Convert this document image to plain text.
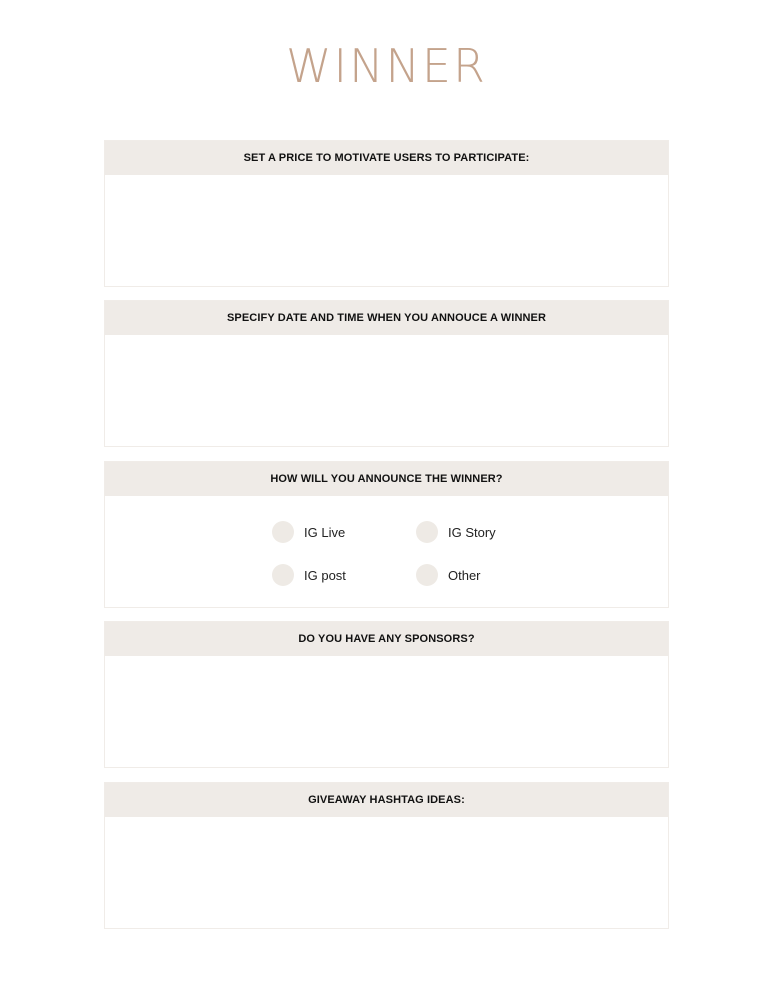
WINNER
SET A PRICE TO MOTIVATE USERS TO PARTICIPATE:
SPECIFY DATE AND TIME WHEN YOU ANNOUCE A WINNER
HOW WILL YOU ANNOUNCE THE WINNER?
IG Live	IG Story
IG post	Other
DO YOU HAVE ANY SPONSORS?
GIVEAWAY HASHTAG IDEAS:
